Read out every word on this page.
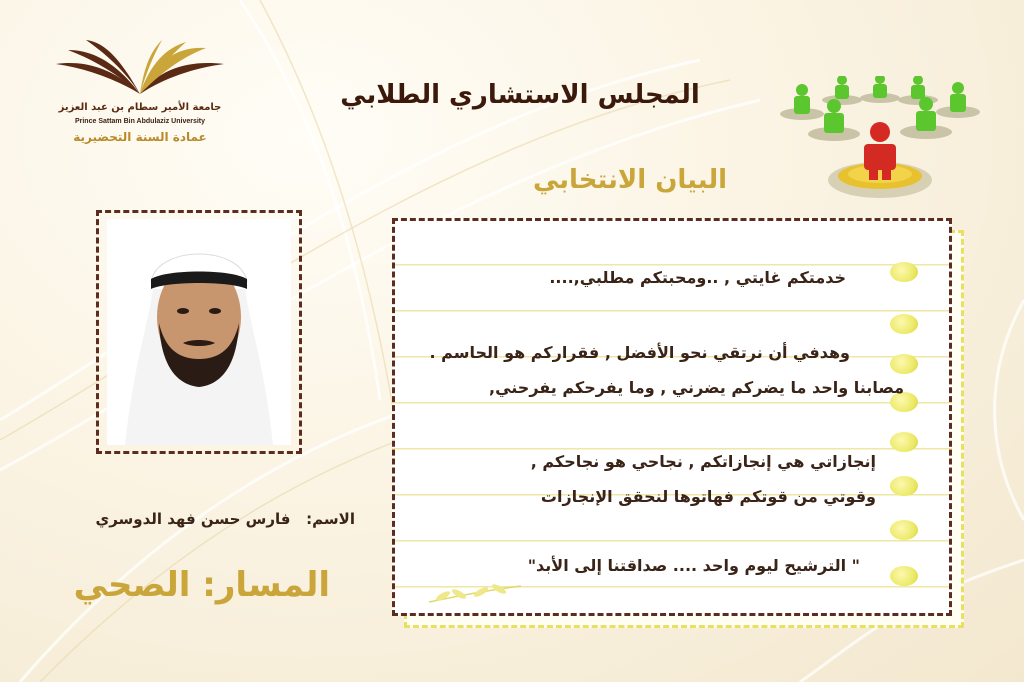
جامعة الأمير سطام بن عبد العزيز
Prince Sattam Bin Abdulaziz University
عمادة السنة التحضيرية
المجلس الاستشاري الطلابي
البيان الانتخابي
الاسم:   فارس حسن فهد الدوسري
المسار: الصحي
خدمتكم غايتي , ..ومحبتكم مطلبي,....
وهدفي أن نرتقي نحو الأفضل , فقراركم هو الحاسم .
مصابنا واحد ما يضركم يضرني , وما يفرحكم يفرحني,
إنجازاتي هي إنجازاتكم , نجاحي هو نجاحكم ,
وقوتي من قوتكم فهاتوها لنحقق الإنجازات
" الترشيح ليوم واحد .... صداقتنا إلى الأبد"
